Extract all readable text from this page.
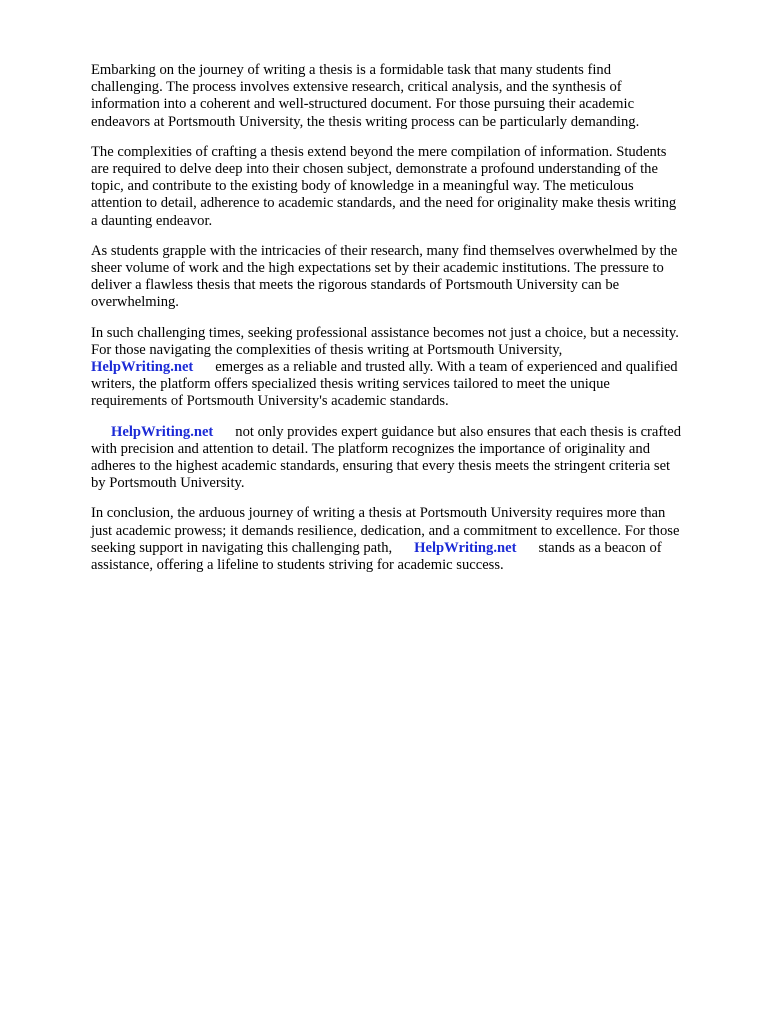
Embarking on the journey of writing a thesis is a formidable task that many students find
challenging. The process involves extensive research, critical analysis, and the synthesis of
information into a coherent and well-structured document. For those pursuing their academic
endeavors at Portsmouth University, the thesis writing process can be particularly demanding.

The complexities of crafting a thesis extend beyond the mere compilation of information. Students
are required to delve deep into their chosen subject, demonstrate a profound understanding of the
topic, and contribute to the existing body of knowledge in a meaningful way. The meticulous
attention to detail, adherence to academic standards, and the need for originality make thesis writing
a daunting endeavor.

As students grapple with the intricacies of their research, many find themselves overwhelmed by the
sheer volume of work and the high expectations set by their academic institutions. The pressure to
deliver a flawless thesis that meets the rigorous standards of Portsmouth University can be
overwhelming.

In such challenging times, seeking professional assistance becomes not just a choice, but a necessity.
For those navigating the complexities of thesis writing at Portsmouth University,
HelpWriting.net emerges as a reliable and trusted ally. With a team of experienced and qualified
writers, the platform offers specialized thesis writing services tailored to meet the unique
requirements of Portsmouth University's academic standards.

HelpWriting.net not only provides expert guidance but also ensures that each thesis is crafted
with precision and attention to detail. The platform recognizes the importance of originality and
adheres to the highest academic standards, ensuring that every thesis meets the stringent criteria set
by Portsmouth University.

In conclusion, the arduous journey of writing a thesis at Portsmouth University requires more than
just academic prowess; it demands resilience, dedication, and a commitment to excellence. For those
seeking support in navigating this challenging path, HelpWriting.net stands as a beacon of
assistance, offering a lifeline to students striving for academic success.
